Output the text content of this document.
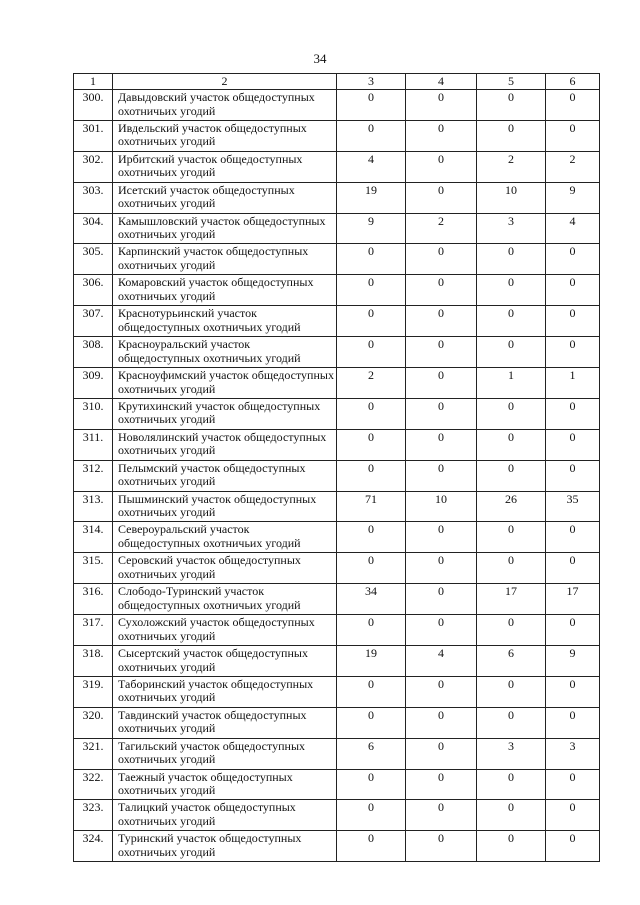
34
1	2	3	4	5	6
300.	Давыдовский участок общедоступных охотничьих угодий	0	0	0	0
301.	Ивдельский участок общедоступных охотничьих угодий	0	0	0	0
302.	Ирбитский участок общедоступных охотничьих угодий	4	0	2	2
303.	Исетский участок общедоступных охотничьих угодий	19	0	10	9
304.	Камышловский участок общедоступных охотничьих угодий	9	2	3	4
305.	Карпинский участок общедоступных охотничьих угодий	0	0	0	0
306.	Комаровский участок общедоступных охотничьих угодий	0	0	0	0
307.	Краснотурьинский участок общедоступных охотничьих угодий	0	0	0	0
308.	Красноуральский участок общедоступных охотничьих угодий	0	0	0	0
309.	Красноуфимский участок общедоступных охотничьих угодий	2	0	1	1
310.	Крутихинский участок общедоступных охотничьих угодий	0	0	0	0
311.	Новолялинский участок общедоступных охотничьих угодий	0	0	0	0
312.	Пелымский участок общедоступных охотничьих угодий	0	0	0	0
313.	Пышминский участок общедоступных охотничьих угодий	71	10	26	35
314.	Североуральский участок общедоступных охотничьих угодий	0	0	0	0
315.	Серовский участок общедоступных охотничьих угодий	0	0	0	0
316.	Слободо-Туринский участок общедоступных охотничьих угодий	34	0	17	17
317.	Сухоложский участок общедоступных охотничьих угодий	0	0	0	0
318.	Сысертский участок общедоступных охотничьих угодий	19	4	6	9
319.	Таборинский участок общедоступных охотничьих угодий	0	0	0	0
320.	Тавдинский участок общедоступных охотничьих угодий	0	0	0	0
321.	Тагильский участок общедоступных охотничьих угодий	6	0	3	3
322.	Таежный участок общедоступных охотничьих угодий	0	0	0	0
323.	Талицкий участок общедоступных охотничьих угодий	0	0	0	0
324.	Туринский участок общедоступных охотничьих угодий	0	0	0	0
